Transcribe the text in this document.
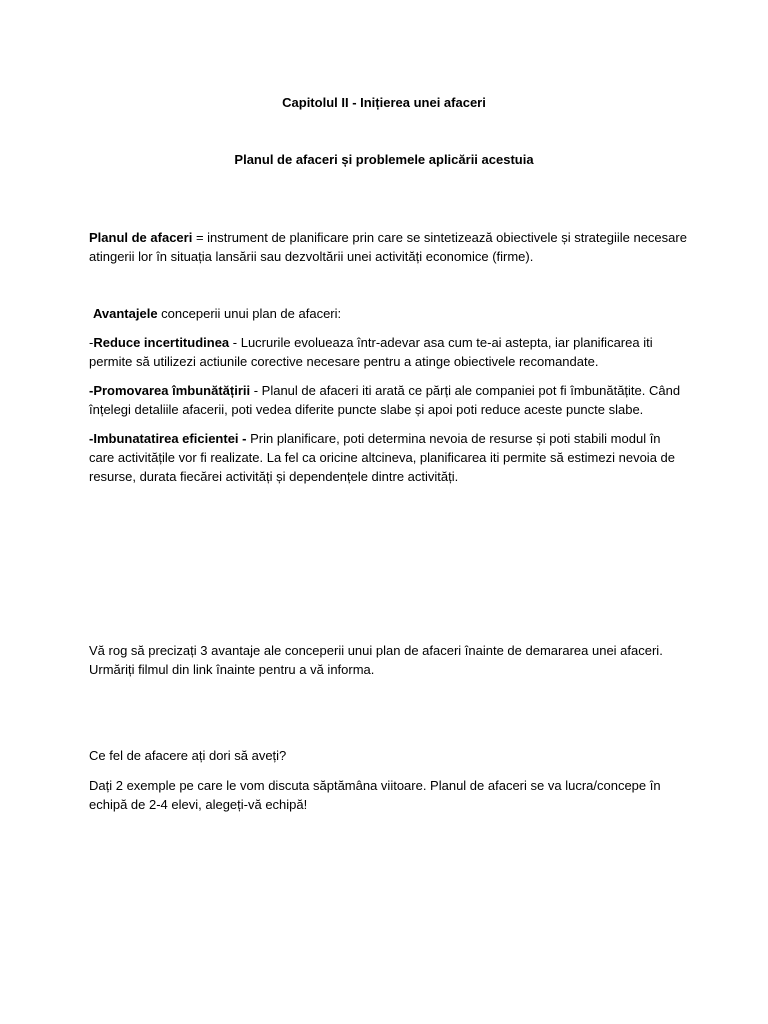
Capitolul II - Inițierea unei afaceri
Planul de afaceri și problemele aplicării acestuia
Planul de afaceri = instrument de planificare prin care se sintetizează obiectivele și strategiile necesare atingerii lor în situația lansării sau dezvoltării unei activități economice (firme).
Avantajele conceperii unui plan de afaceri:
-Reduce incertitudinea - Lucrurile evolueaza într-adevar asa cum te-ai astepta, iar planificarea iti permite să utilizezi actiunile corective necesare pentru a atinge obiectivele recomandate.
-Promovarea îmbunătățirii - Planul de afaceri iti arată ce părți ale companiei pot fi îmbunătățite. Când înțelegi detaliile afacerii, poti vedea diferite puncte slabe și apoi poti reduce aceste puncte slabe.
-Imbunatatirea eficientei - Prin planificare, poti determina nevoia de resurse și poti stabili modul în care activitățile vor fi realizate. La fel ca oricine altcineva, planificarea iti permite să estimezi nevoia de resurse, durata fiecărei activități și dependențele dintre activități.
Vă rog să precizați 3 avantaje ale conceperii unui plan de afaceri înainte de demararea unei afaceri. Urmăriți filmul din link înainte pentru a vă informa.
Ce fel de afacere ați dori să aveți?
Dați 2 exemple pe care le vom discuta săptămâna viitoare. Planul de afaceri se va lucra/concepe în echipă de 2-4 elevi, alegeți-vă echipă!
